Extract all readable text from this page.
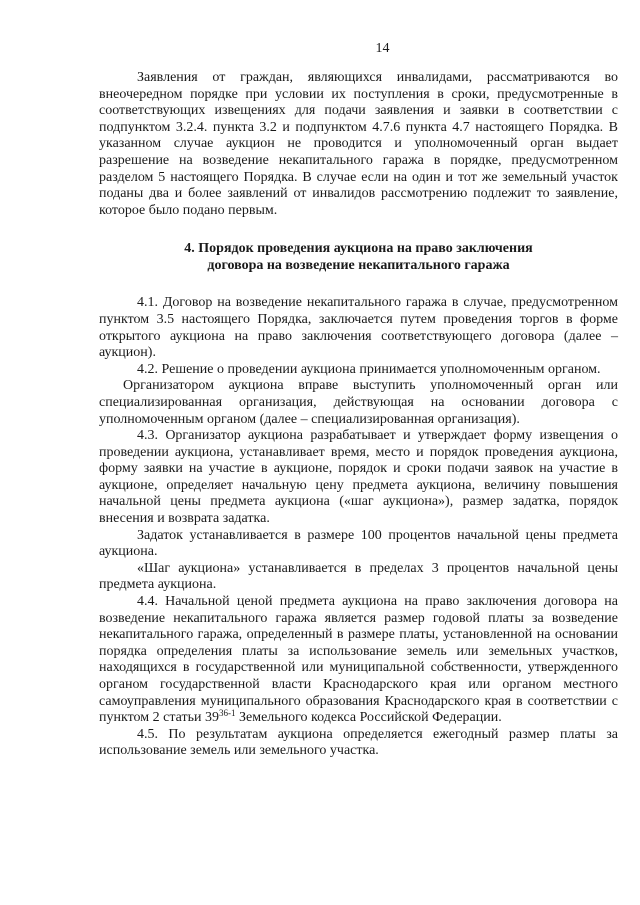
14

Заявления от граждан, являющихся инвалидами, рассматриваются во внеочередном порядке при условии их поступления в сроки, предусмотренные в соответствующих извещениях для подачи заявления и заявки в соответствии с подпунктом 3.2.4. пункта 3.2 и подпунктом 4.7.6 пункта 4.7 настоящего Порядка. В указанном случае аукцион не проводится и уполномоченный орган выдает разрешение на возведение некапитального гаража в порядке, предусмотренном разделом 5 настоящего Порядка. В случае если на один и тот же земельный участок поданы два и более заявлений от инвалидов рассмотрению подлежит то заявление, которое было подано первым.

4. Порядок проведения аукциона на право заключения
договора на возведение некапитального гаража

4.1. Договор на возведение некапитального гаража в случае, предусмотренном пунктом 3.5 настоящего Порядка, заключается путем проведения торгов в форме открытого аукциона на право заключения соответствующего договора (далее – аукцион).

4.2. Решение о проведении аукциона принимается уполномоченным органом.

Организатором аукциона вправе выступить уполномоченный орган или специализированная организация, действующая на основании договора с уполномоченным органом (далее – специализированная организация).

4.3. Организатор аукциона разрабатывает и утверждает форму извещения о проведении аукциона, устанавливает время, место и порядок проведения аукциона, форму заявки на участие в аукционе, порядок и сроки подачи заявок на участие в аукционе, определяет начальную цену предмета аукциона, величину повышения начальной цены предмета аукциона («шаг аукциона»), размер задатка, порядок внесения и возврата задатка.

Задаток устанавливается в размере 100 процентов начальной цены предмета аукциона.

«Шаг аукциона» устанавливается в пределах 3 процентов начальной цены предмета аукциона.

4.4. Начальной ценой предмета аукциона на право заключения договора на возведение некапитального гаража является размер годовой платы за возведение некапитального гаража, определенный в размере платы, установленной на основании порядка определения платы за использование земель или земельных участков, находящихся в государственной или муниципальной собственности, утвержденного органом государственной власти Краснодарского края или органом местного самоуправления муниципального образования Краснодарского края в соответствии с пунктом 2 статьи 39$^{36-1}$ Земельного кодекса Российской Федерации.

4.5. По результатам аукциона определяется ежегодный размер платы за использование земель или земельного участка.
